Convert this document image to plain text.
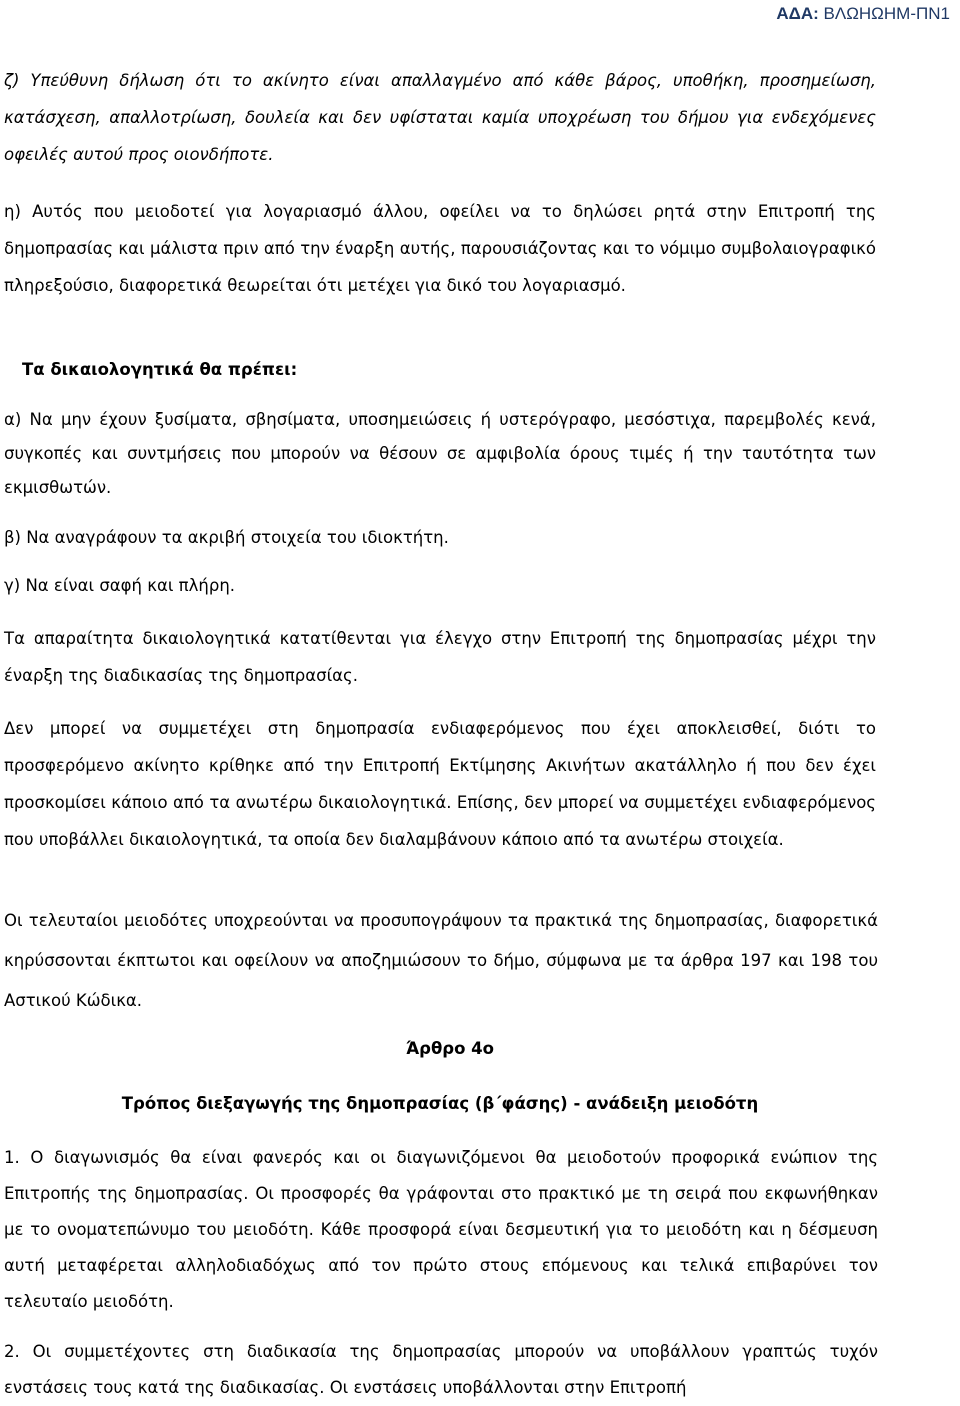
ΑΔΑ: ΒΛΩΗΩΗΜ-ΠΝ1

ζ) Υπεύθυνη δήλωση ότι το ακίνητο είναι απαλλαγμένο από κάθε βάρος, υποθήκη, προσημείωση, κατάσχεση, απαλλοτρίωση, δουλεία και δεν υφίσταται καμία υποχρέωση του δήμου για ενδεχόμενες οφειλές αυτού προς οιονδήποτε.

η) Αυτός που μειοδοτεί για λογαριασμό άλλου, οφείλει να το δηλώσει ρητά στην Επιτροπή της δημοπρασίας και μάλιστα πριν από την έναρξη αυτής, παρουσιάζοντας και το νόμιμο συμβολαιογραφικό πληρεξούσιο, διαφορετικά θεωρείται ότι μετέχει για δικό του λογαριασμό.

Τα δικαιολογητικά θα πρέπει:

α) Να μην έχουν ξυσίματα, σβησίματα, υποσημειώσεις ή υστερόγραφο, μεσόστιχα, παρεμβολές κενά, συγκοπές και συντμήσεις που μπορούν να θέσουν σε αμφιβολία όρους τιμές ή την ταυτότητα των εκμισθωτών.

β) Να αναγράφουν τα ακριβή στοιχεία του ιδιοκτήτη.

γ) Να είναι σαφή και πλήρη.

Τα απαραίτητα δικαιολογητικά κατατίθενται για έλεγχο στην Επιτροπή της δημοπρασίας μέχρι την έναρξη της διαδικασίας της δημοπρασίας.

Δεν μπορεί να συμμετέχει στη δημοπρασία ενδιαφερόμενος που έχει αποκλεισθεί, διότι το προσφερόμενο ακίνητο κρίθηκε από την Επιτροπή Εκτίμησης Ακινήτων ακατάλληλο ή που δεν έχει προσκομίσει κάποιο από τα ανωτέρω δικαιολογητικά. Επίσης, δεν μπορεί να συμμετέχει ενδιαφερόμενος που υποβάλλει δικαιολογητικά, τα οποία δεν διαλαμβάνουν κάποιο από τα ανωτέρω στοιχεία.

Οι τελευταίοι μειοδότες υποχρεούνται να προσυπογράψουν τα πρακτικά της δημοπρασίας, διαφορετικά κηρύσσονται έκπτωτοι και οφείλουν να αποζημιώσουν το δήμο, σύμφωνα με τα άρθρα 197 και 198 του Αστικού Κώδικα.

Άρθρο 4ο

Τρόπος διεξαγωγής της δημοπρασίας (β΄φάσης) - ανάδειξη μειοδότη

1. Ο διαγωνισμός θα είναι φανερός και οι διαγωνιζόμενοι θα μειοδοτούν προφορικά ενώπιον της Επιτροπής της δημοπρασίας. Οι προσφορές θα γράφονται στο πρακτικό με τη σειρά που εκφωνήθηκαν με το ονοματεπώνυμο του μειοδότη. Κάθε προσφορά είναι δεσμευτική για το μειοδότη και η δέσμευση αυτή μεταφέρεται αλληλοδιαδόχως από τον πρώτο στους επόμενους και τελικά επιβαρύνει τον τελευταίο μειοδότη.

2. Οι συμμετέχοντες στη διαδικασία της δημοπρασίας μπορούν να υποβάλλουν γραπτώς τυχόν ενστάσεις τους κατά της διαδικασίας. Οι ενστάσεις υποβάλλονται στην Επιτροπή
